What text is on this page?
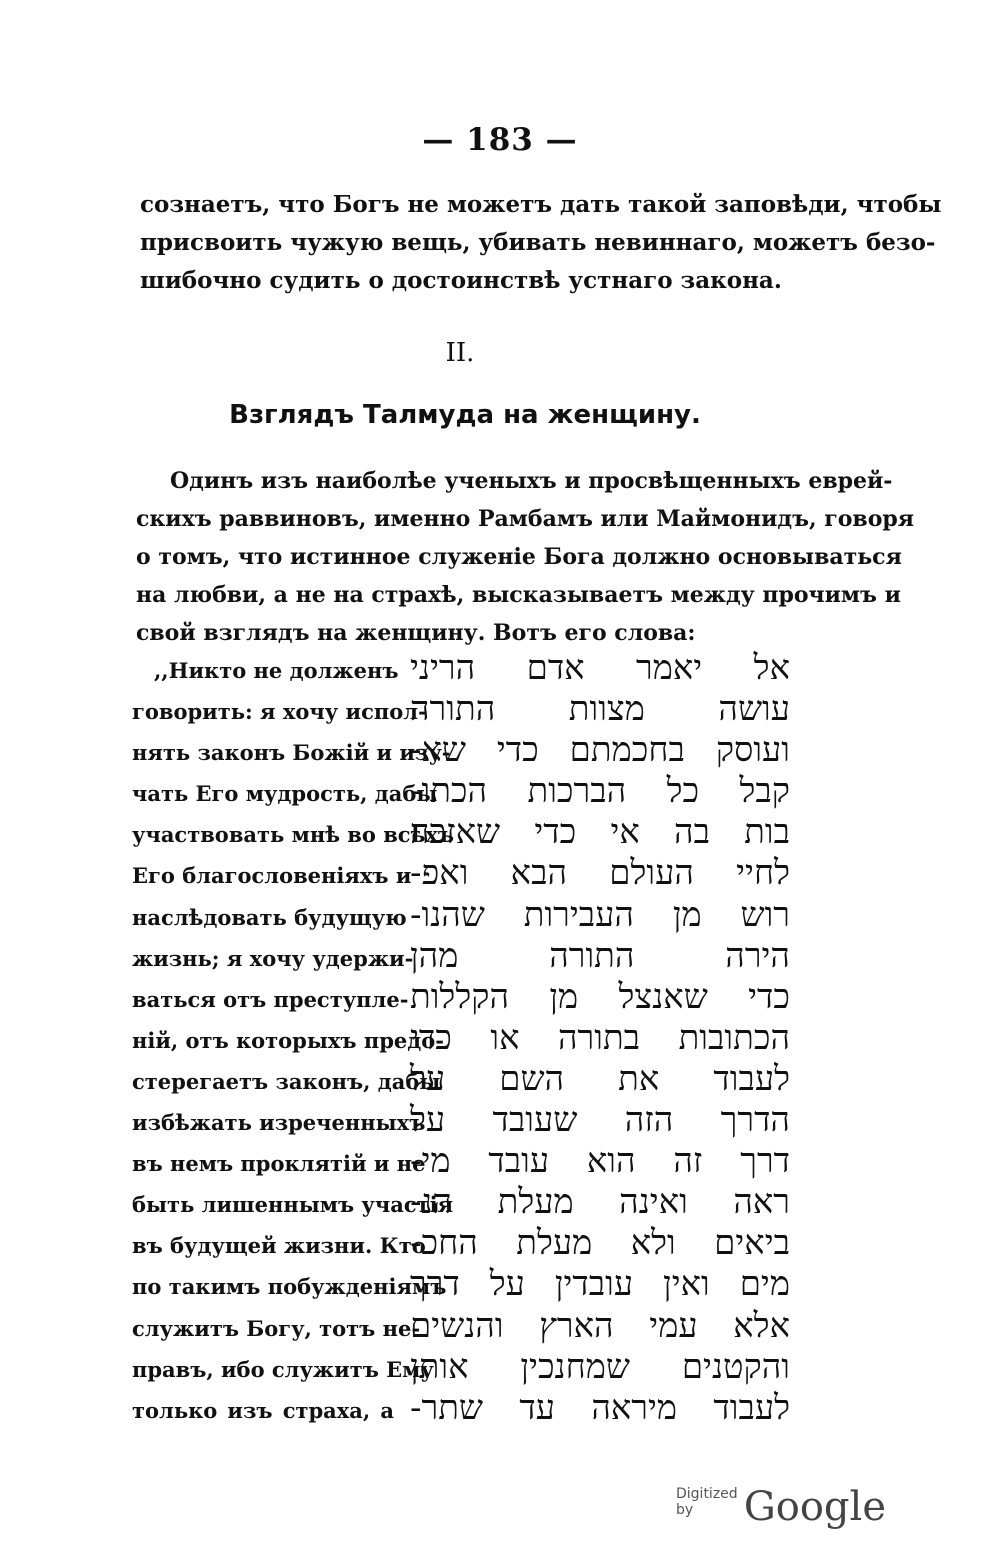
— 183 —
сознаетъ, что Богъ не можетъ дать такой заповѣди, чтобы
присвоить чужую вещь, убивать невиннаго, можетъ безо-
шибочно судить о достоинствѣ устнаго закона.
II.
Взглядъ Талмуда на женщину.
Одинъ изъ наиболѣе ученыхъ и просвѣщенныхъ еврей-
скихъ раввиновъ, именно Рамбамъ или Маймонидъ, говоря
о томъ, что истинное служенiе Бога должно основываться
на любви, а не на страхѣ, высказываетъ между прочимъ и
свой взглядъ на женщину. Вотъ его слова:
,,Никто не долженъ
говорить: я хочу испол-
нять законъ Божiй и изу-
чать Его мудрость, дабы
участвовать мнѣ во всѣхъ
Его благословенiяхъ и
наслѣдовать будущую
жизнь; я хочу удержи-
ваться отъ преступле-
нiй, отъ которыхъ предо-
стерегаетъ законъ, дабы
избѣжать изреченныхъ
въ немъ проклятiй и не
быть лишеннымъ участiя
въ будущей жизни. Кто
по такимъ побужденiямъ
служитъ Богу, тотъ не-
правъ, ибо служитъ Ему
только изъ страха, а
אל יאמר אדם הריני
עושה מצוות התורה
ועוסק בחכמתם כדי שא-
קבל כל הברכות הכתו-
בות בה אי כדי שאזכה
לחיי העולם הבא ואפ-
רוש מן העבירות שהנו-
הירה התורה מהן
כדי שאנצל מן הקללות
הכתובות בתורה או כדי
לעבוד את השם על
הדרך הזה שעובד על
דרך זה הוא עובד מי-
ראה ואינה מעלת הנ-
ביאים ולא מעלת החכ-
מים ואין עובדין על דרך
אלא עמי הארץ והנשים
והקטנים שמחנכין אותן
לעבוד מיראה עד שתר-
Digitized by	Google
